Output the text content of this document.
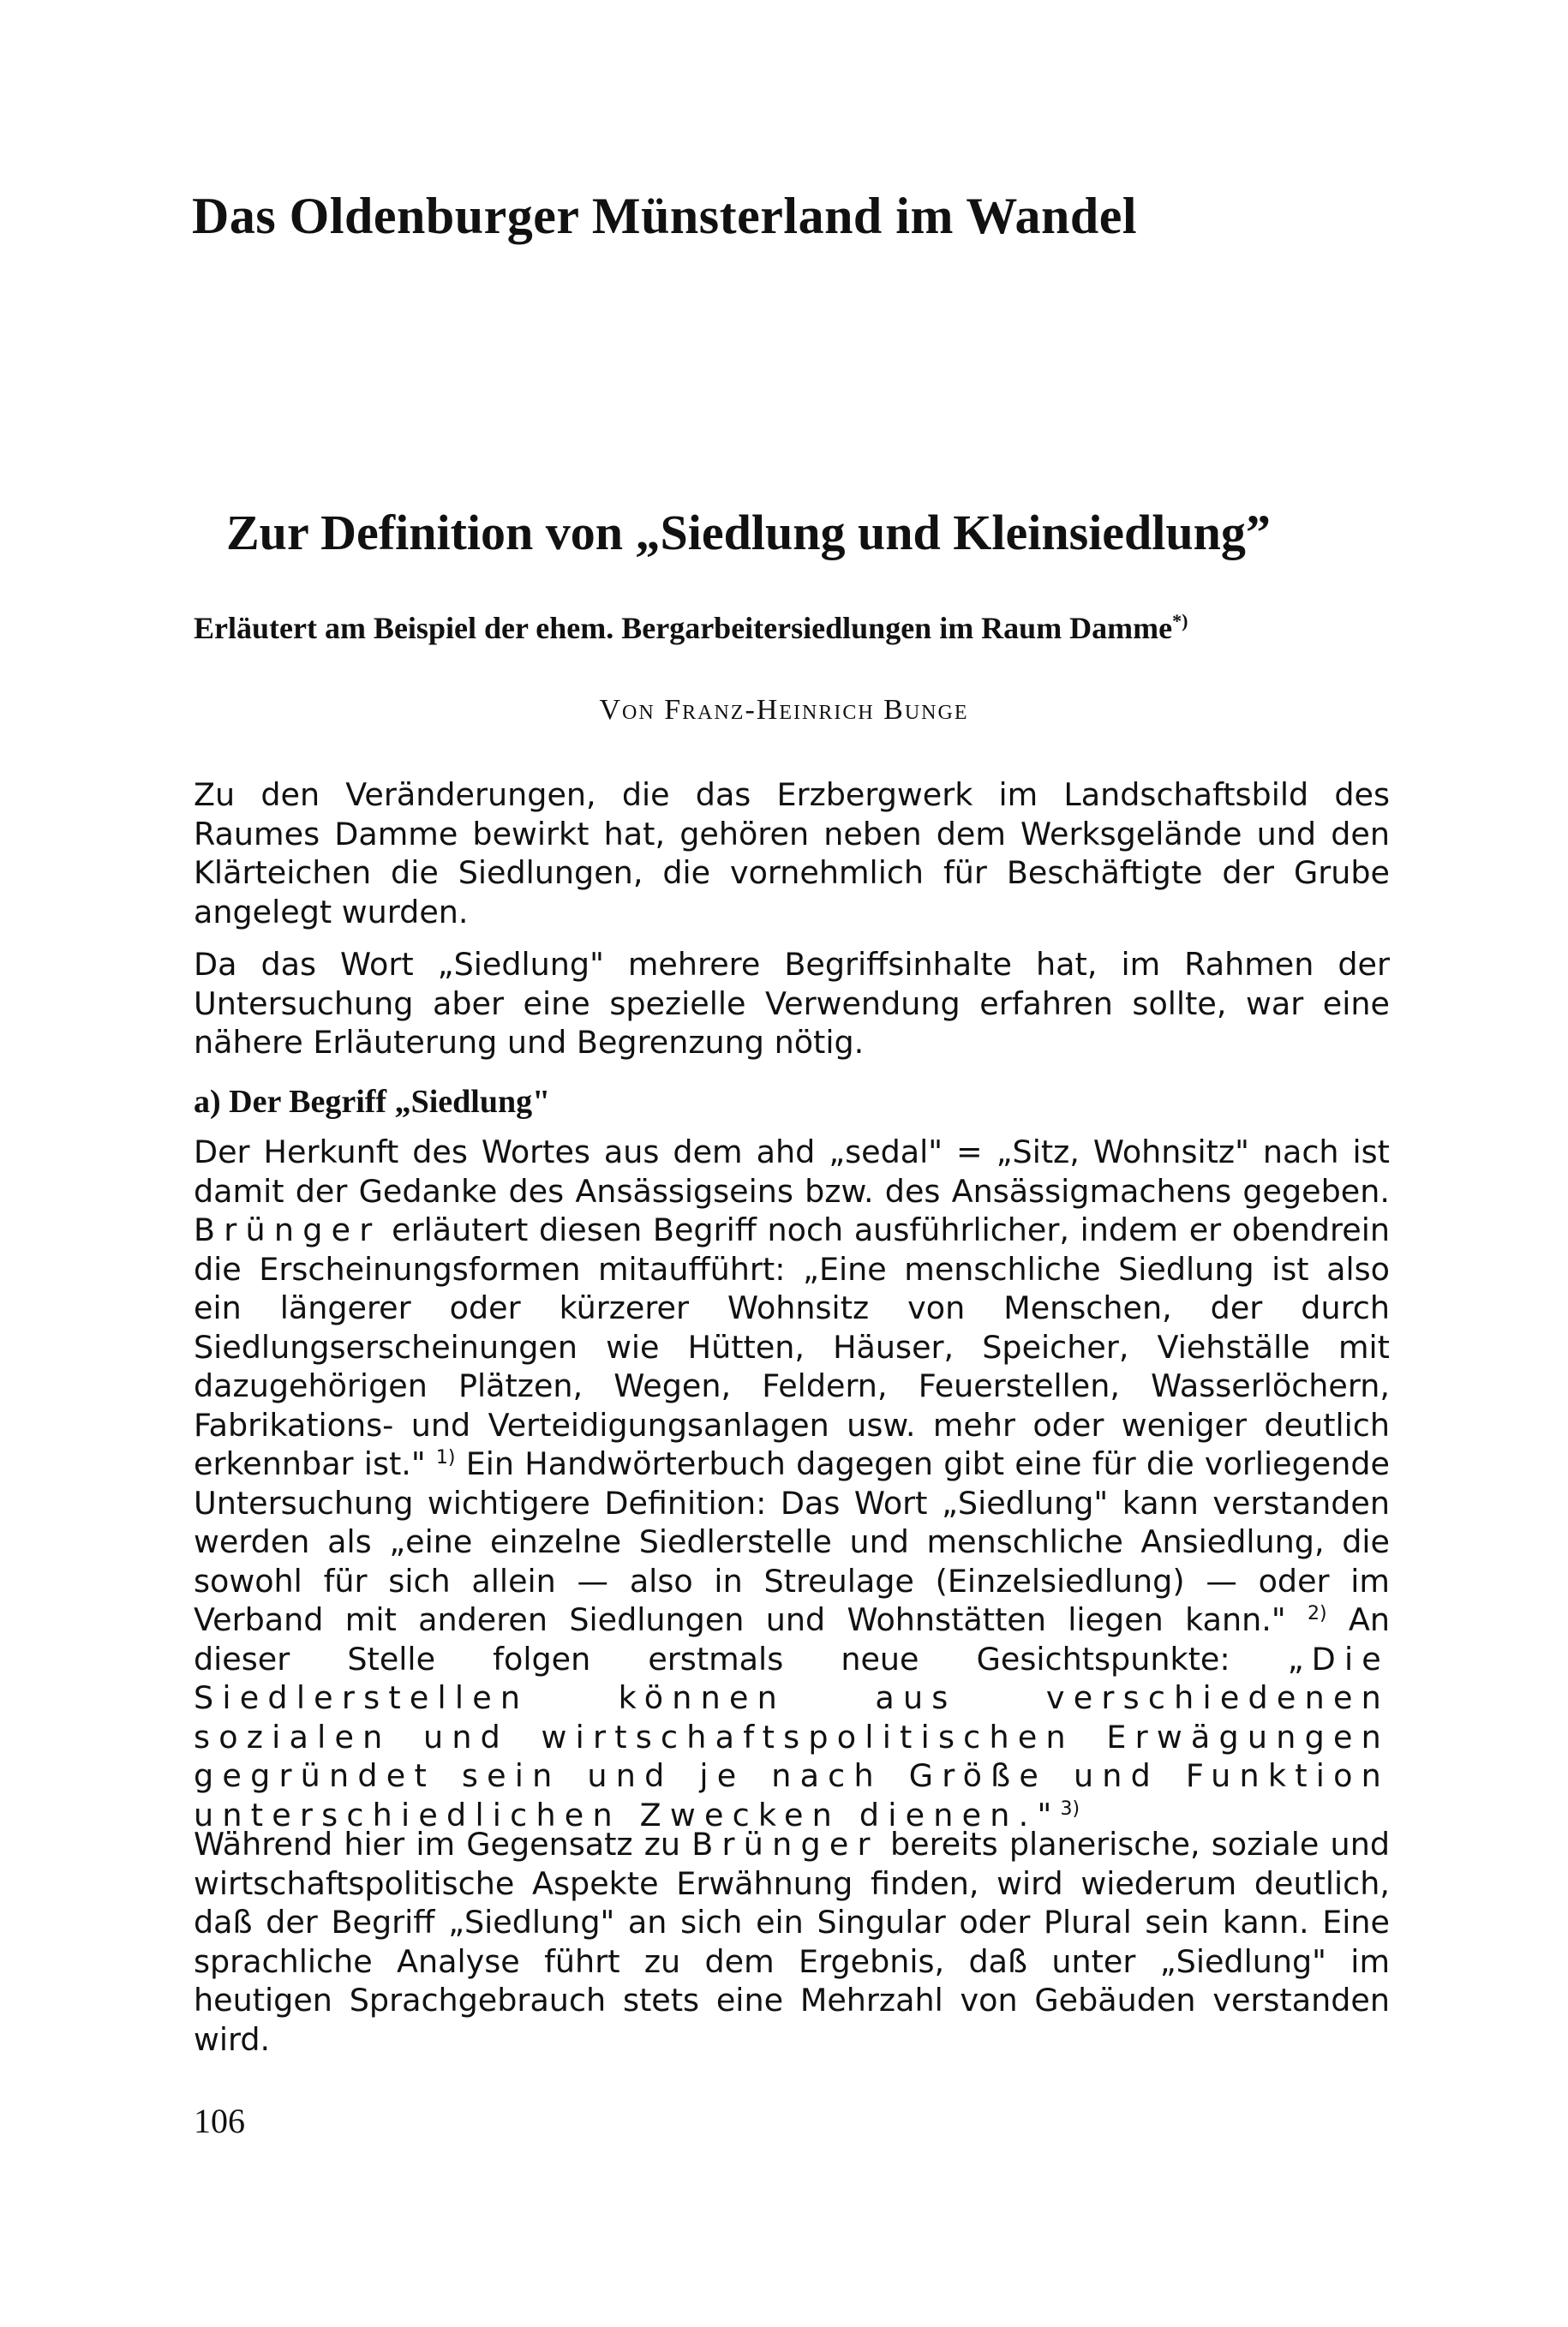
Das Oldenburger Münsterland im Wandel
Zur Definition von „Siedlung und Kleinsiedlung”
Erläutert am Beispiel der ehem. Bergarbeitersiedlungen im Raum Damme*)
Von Franz-Heinrich Bunge
Zu den Veränderungen, die das Erzbergwerk im Landschaftsbild des Raumes Damme bewirkt hat, gehören neben dem Werksgelände und den Klärteichen die Siedlungen, die vornehmlich für Beschäftigte der Grube angelegt wurden.
Da das Wort „Siedlung" mehrere Begriffsinhalte hat, im Rahmen der Untersuchung aber eine spezielle Verwendung erfahren sollte, war eine nähere Erläuterung und Begrenzung nötig.
a) Der Begriff „Siedlung"
Der Herkunft des Wortes aus dem ahd „sedal" = „Sitz, Wohnsitz" nach ist damit der Gedanke des Ansässigseins bzw. des Ansässigmachens gegeben. Brünger erläutert diesen Begriff noch ausführlicher, indem er obendrein die Erscheinungsformen mitaufführt: „Eine menschliche Siedlung ist also ein längerer oder kürzerer Wohnsitz von Menschen, der durch Siedlungserscheinungen wie Hütten, Häuser, Speicher, Viehställe mit dazugehörigen Plätzen, Wegen, Feldern, Feuerstellen, Wasserlöchern, Fabrikations- und Verteidigungsanlagen usw. mehr oder weniger deutlich erkennbar ist." $^{1)}$ Ein Handwörterbuch dagegen gibt eine für die vorliegende Untersuchung wichtigere Definition: Das Wort „Siedlung" kann verstanden werden als „eine einzelne Siedlerstelle und menschliche Ansiedlung, die sowohl für sich allein — also in Streulage (Einzelsiedlung) — oder im Verband mit anderen Siedlungen und Wohnstätten liegen kann." $^{2)}$ An dieser Stelle folgen erstmals neue Gesichtspunkte: „Die Siedlerstellen können aus verschiedenen sozialen und wirtschaftspolitischen Erwägungen gegründet sein und je nach Größe und Funktion unterschiedlichen Zwecken dienen."$^{3)}$
Während hier im Gegensatz zu Brünger bereits planerische, soziale und wirtschaftspolitische Aspekte Erwähnung finden, wird wiederum deutlich, daß der Begriff „Siedlung" an sich ein Singular oder Plural sein kann. Eine sprachliche Analyse führt zu dem Ergebnis, daß unter „Siedlung" im heutigen Sprachgebrauch stets eine Mehrzahl von Gebäuden verstanden wird.
106
